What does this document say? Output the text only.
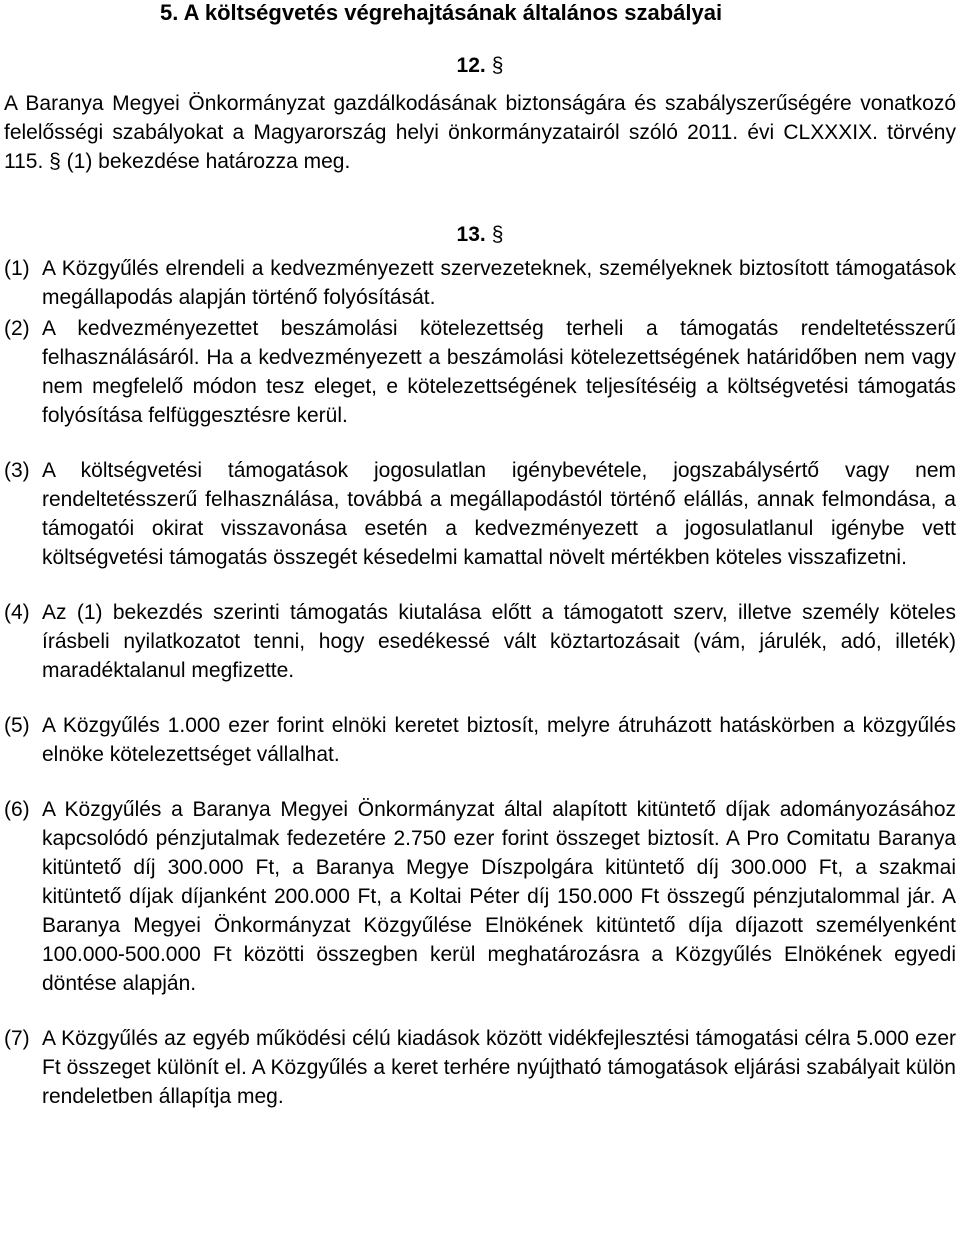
5. A költségvetés végrehajtásának általános szabályai
12. §
A Baranya Megyei Önkormányzat gazdálkodásának biztonságára és szabályszerűségére vonatkozó felelősségi szabályokat a Magyarország helyi önkormányzatairól szóló 2011. évi CLXXXIX. törvény 115. § (1) bekezdése határozza meg.
13. §
(1) A Közgyűlés elrendeli a kedvezményezett szervezeteknek, személyeknek biztosított támogatások megállapodás alapján történő folyósítását.
(2) A kedvezményezettet beszámolási kötelezettség terheli a támogatás rendeltetésszerű felhasználásáról. Ha a kedvezményezett a beszámolási kötelezettségének határidőben nem vagy nem megfelelő módon tesz eleget, e kötelezettségének teljesítéséig a költségvetési támogatás folyósítása felfüggesztésre kerül.
(3) A költségvetési támogatások jogosulatlan igénybevétele, jogszabálysértő vagy nem rendeltetésszerű felhasználása, továbbá a megállapodástól történő elállás, annak felmondása, a támogatói okirat visszavonása esetén a kedvezményezett a jogosulatlanul igénybe vett költségvetési támogatás összegét késedelmi kamattal növelt mértékben köteles visszafizetni.
(4) Az (1) bekezdés szerinti támogatás kiutalása előtt a támogatott szerv, illetve személy köteles írásbeli nyilatkozatot tenni, hogy esedékessé vált köztartozásait (vám, járulék, adó, illeték) maradéktalanul megfizette.
(5) A Közgyűlés 1.000 ezer forint elnöki keretet biztosít, melyre átruházott hatáskörben a közgyűlés elnöke kötelezettséget vállalhat.
(6) A Közgyűlés a Baranya Megyei Önkormányzat által alapított kitüntető díjak adományozásához kapcsolódó pénzjutalmak fedezetére 2.750 ezer forint összeget biztosít. A Pro Comitatu Baranya kitüntető díj 300.000 Ft, a Baranya Megye Díszpolgára kitüntető díj 300.000 Ft, a szakmai kitüntető díjak díjanként 200.000 Ft, a Koltai Péter díj 150.000 Ft összegű pénzjutalommal jár. A Baranya Megyei Önkormányzat Közgyűlése Elnökének kitüntető díja díjazott személyenként 100.000-500.000 Ft közötti összegben kerül meghatározásra a Közgyűlés Elnökének egyedi döntése alapján.
(7) A Közgyűlés az egyéb működési célú kiadások között vidékfejlesztési támogatási célra 5.000 ezer Ft összeget különít el. A Közgyűlés a keret terhére nyújtható támogatások eljárási szabályait külön rendeletben állapítja meg.
